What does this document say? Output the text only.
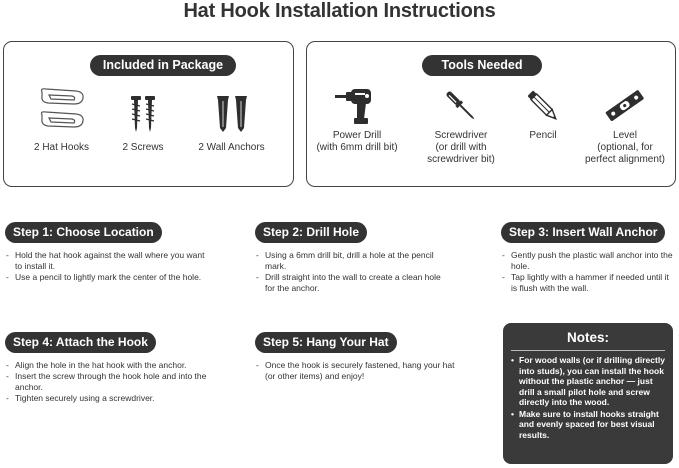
Hat Hook Installation Instructions
Included in Package
2 Hat Hooks	2 Screws	2 Wall Anchors
Tools Needed
Power Drill
(with 6mm drill bit)
Screwdriver
(or drill with
screwdriver bit)
Pencil	Level
(optional, for
perfect alignment)
Step 1: Choose Location
- Hold the hat hook against the wall where you want to install it.
- Use a pencil to lightly mark the center of the hole.
Step 2: Drill Hole
- Using a 6mm drill bit, drill a hole at the pencil mark.
- Drill straight into the wall to create a clean hole for the anchor.
Step 3: Insert Wall Anchor
- Gently push the plastic wall anchor into the hole.
- Tap lightly with a hammer if needed until it is flush with the wall.
Step 4: Attach the Hook
- Align the hole in the hat hook with the anchor.
- Insert the screw through the hook hole and into the anchor.
- Tighten securely using a screwdriver.
Step 5: Hang Your Hat
- Once the hook is securely fastened, hang your hat (or other items) and enjoy!
Notes:
• For wood walls (or if drilling directly into studs), you can install the hook without the plastic anchor — just drill a small pilot hole and screw directly into the wood.
• Make sure to install hooks straight and evenly spaced for best visual results.
